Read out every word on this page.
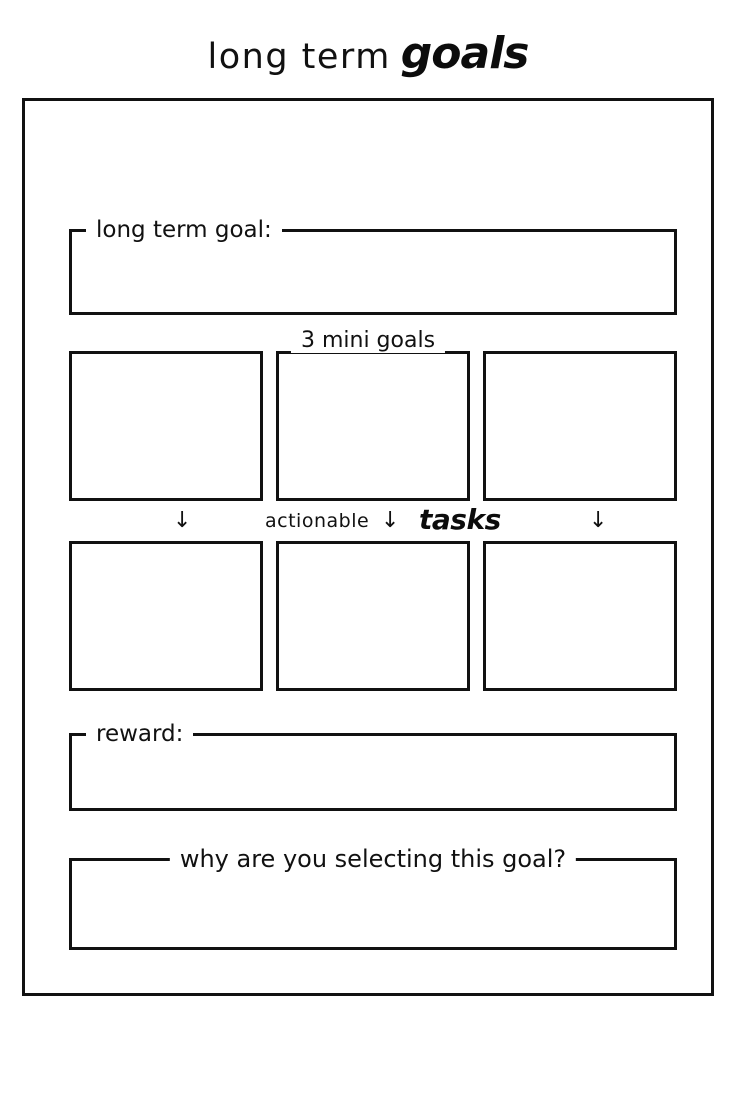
long term goals
long term goal:
3 mini goals
↓	actionable ↓ tasks	↓
reward:
why are you selecting this goal?
